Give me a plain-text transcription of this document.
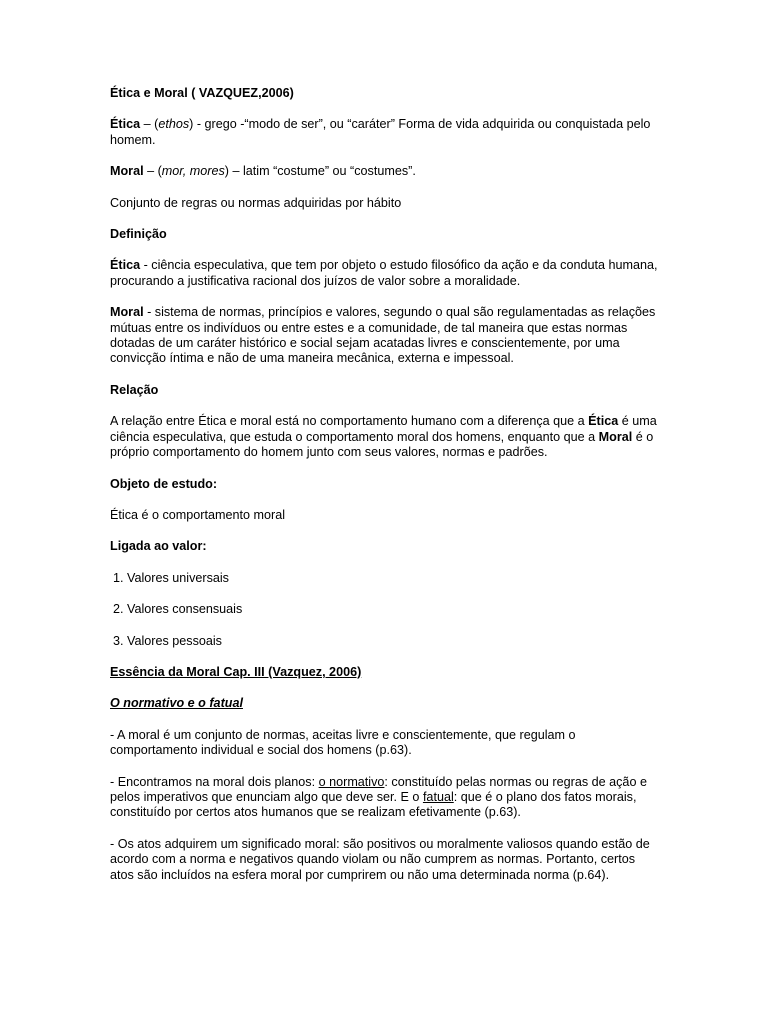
Ética e Moral ( VAZQUEZ,2006)

Ética – (ethos) - grego -“modo de ser”, ou “caráter” Forma de vida adquirida ou conquistada pelo homem.

Moral – (mor, mores) – latim “costume” ou “costumes”.

Conjunto de regras ou normas adquiridas por hábito

Definição

Ética - ciência especulativa, que tem por objeto o estudo filosófico da ação e da conduta humana, procurando a justificativa racional dos juízos de valor sobre a moralidade.

Moral - sistema de normas, princípios e valores, segundo o qual são regulamentadas as relações mútuas entre os indivíduos ou entre estes e a comunidade, de tal maneira que estas normas dotadas de um caráter histórico e social sejam acatadas livres e conscientemente, por uma convicção íntima e não de uma maneira mecânica, externa e impessoal.

Relação

A relação entre Ética e moral está no comportamento humano com a diferença que a Ética é uma ciência especulativa, que estuda o comportamento moral dos homens, enquanto que a Moral é o próprio comportamento do homem junto com seus valores, normas e padrões.

Objeto de estudo:

Ética é o comportamento moral

Ligada ao valor:

1. Valores universais

2. Valores consensuais

3. Valores pessoais

Essência da Moral Cap. III (Vazquez, 2006)

O normativo e o fatual

- A moral é um conjunto de normas, aceitas livre e conscientemente, que regulam o comportamento individual e social dos homens (p.63).

- Encontramos na moral dois planos: o normativo: constituído pelas normas ou regras de ação e pelos imperativos que enunciam algo que deve ser. E o fatual: que é o plano dos fatos morais, constituído por certos atos humanos que se realizam efetivamente (p.63).

- Os atos adquirem um significado moral: são positivos ou moralmente valiosos quando estão de acordo com a norma e negativos quando violam ou não cumprem as normas. Portanto, certos atos são incluídos na esfera moral por cumprirem ou não uma determinada norma (p.64).
